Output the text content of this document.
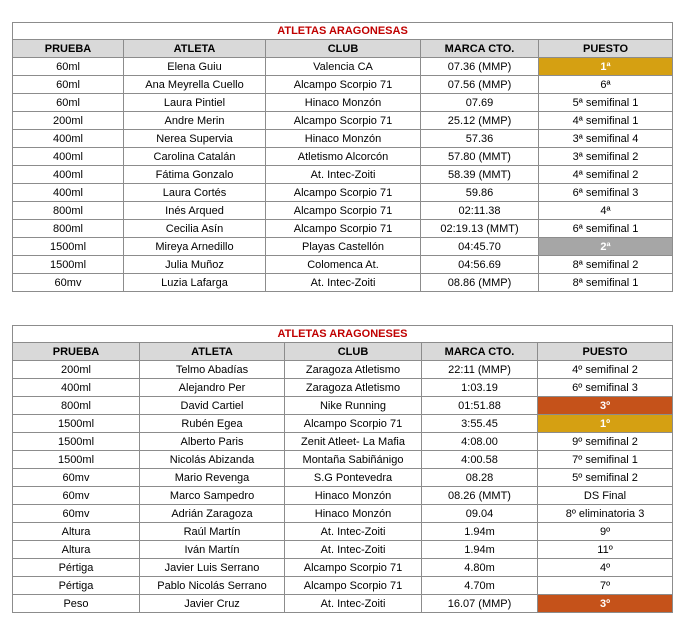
ATLETAS ARAGONESAS				
PRUEBA	ATLETA	CLUB	MARCA CTO.	PUESTO
60ml	Elena Guiu	Valencia CA	07.36 (MMP)	1ª
60ml	Ana Meyrella Cuello	Alcampo Scorpio 71	07.56 (MMP)	6ª
60ml	Laura Pintiel	Hinaco Monzón	07.69	5ª semifinal 1
200ml	Andre Merin	Alcampo Scorpio 71	25.12 (MMP)	4ª semifinal 1
400ml	Nerea Supervia	Hinaco Monzón	57.36	3ª semifinal 4
400ml	Carolina Catalán	Atletismo Alcorcón	57.80 (MMT)	3ª semifinal 2
400ml	Fátima Gonzalo	At. Intec-Zoiti	58.39 (MMT)	4ª semifinal 2
400ml	Laura Cortés	Alcampo Scorpio 71	59.86	6ª semifinal 3
800ml	Inés Arqued	Alcampo Scorpio 71	02:11.38	4ª
800ml	Cecilia Asín	Alcampo Scorpio 71	02:19.13 (MMT)	6ª semifinal 1
1500ml	Mireya Arnedillo	Playas Castellón	04:45.70	2ª
1500ml	Julia Muñoz	Colomenca At.	04:56.69	8ª semifinal 2
60mv	Luzia Lafarga	At. Intec-Zoiti	08.86 (MMP)	8ª semifinal 1
ATLETAS ARAGONESES				
PRUEBA	ATLETA	CLUB	MARCA CTO.	PUESTO
200ml	Telmo Abadías	Zaragoza Atletismo	22:11 (MMP)	4º semifinal 2
400ml	Alejandro Per	Zaragoza Atletismo	1:03.19	6º semifinal 3
800ml	David Cartiel	Nike Running	01:51.88	3º
1500ml	Rubén Egea	Alcampo Scorpio 71	3:55.45	1º
1500ml	Alberto Paris	Zenit Atleet- La Mafia	4:08.00	9º semifinal 2
1500ml	Nicolás Abizanda	Montaña Sabiñánigo	4:00.58	7º semifinal 1
60mv	Mario Revenga	S.G Pontevedra	08.28	5º semifinal 2
60mv	Marco Sampedro	Hinaco Monzón	08.26 (MMT)	DS Final
60mv	Adrián Zaragoza	Hinaco Monzón	09.04	8º eliminatoria 3
Altura	Raúl Martín	At. Intec-Zoiti	1.94m	9º
Altura	Iván Martín	At. Intec-Zoiti	1.94m	11º
Pértiga	Javier Luis Serrano	Alcampo Scorpio 71	4.80m	4º
Pértiga	Pablo Nicolás Serrano	Alcampo Scorpio 71	4.70m	7º
Peso	Javier Cruz	At. Intec-Zoiti	16.07 (MMP)	3º
